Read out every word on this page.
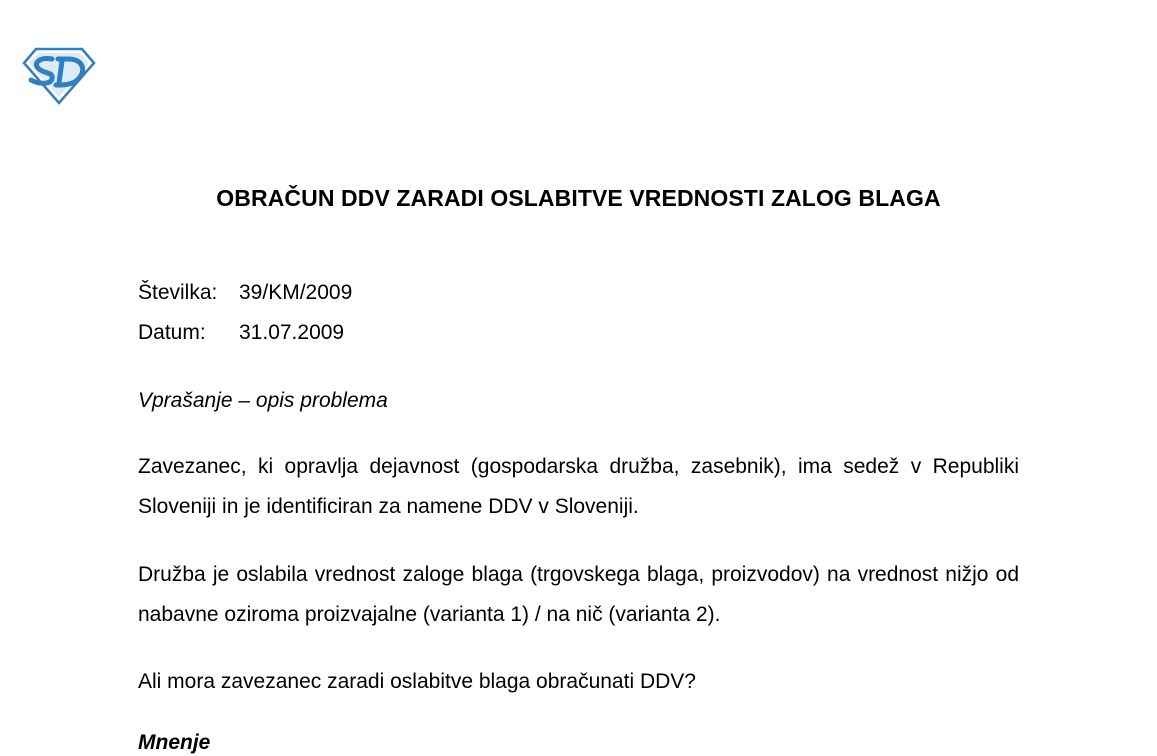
OBRAČUN DDV ZARADI OSLABITVE VREDNOSTI ZALOG BLAGA
Številka: 39/KM/2009
Datum: 31.07.2009

Vprašanje – opis problema

Zavezanec, ki opravlja dejavnost (gospodarska družba, zasebnik), ima sedež v Republiki Sloveniji in je identificiran za namene DDV v Sloveniji.

Družba je oslabila vrednost zaloge blaga (trgovskega blaga, proizvodov) na vrednost nižjo od nabavne oziroma proizvajalne (varianta 1) / na nič (varianta 2).

Ali mora zavezanec zaradi oslabitve blaga obračunati DDV?

Mnenje
